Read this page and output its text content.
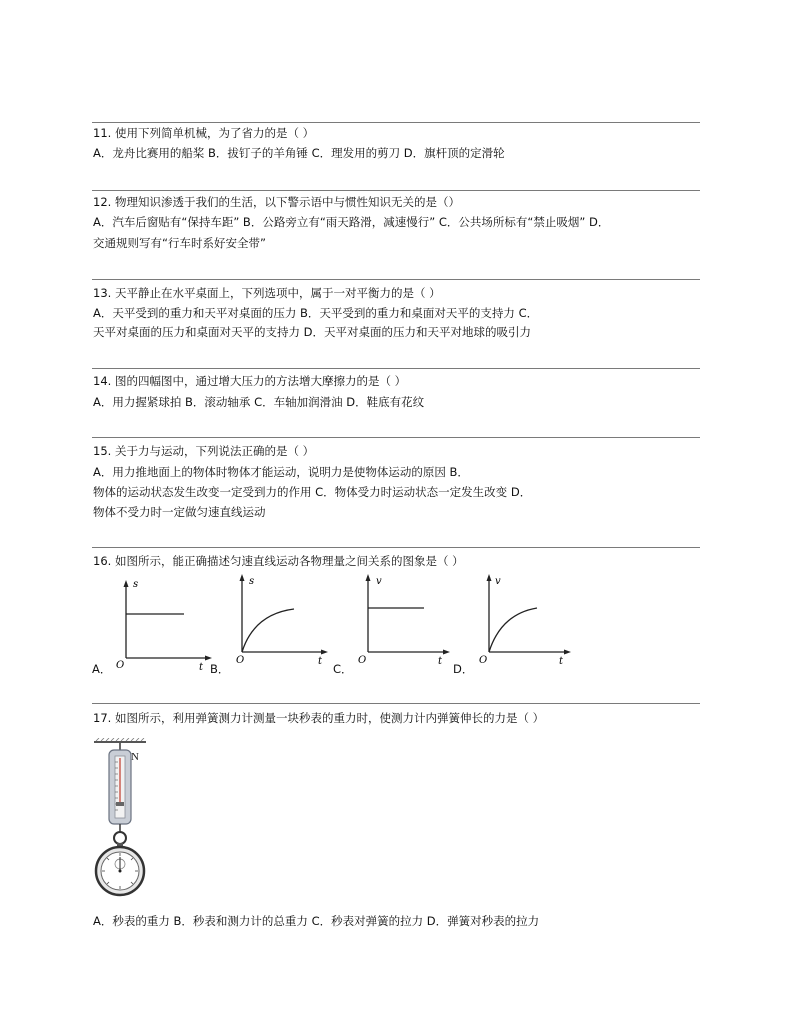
11. 使用下列简单机械，为了省力的是（ ）
A．龙舟比赛用的船桨 B．拔钉子的羊角锤 C．理发用的剪刀 D．旗杆顶的定滑轮
12. 物理知识渗透于我们的生活，以下警示语中与惯性知识无关的是（）
A．汽车后窗贴有“保持车距” B．公路旁立有“雨天路滑，减速慢行” C．公共场所标有“禁止吸烟” D．
交通规则写有“行车时系好安全带”
13. 天平静止在水平桌面上，下列选项中，属于一对平衡力的是（ ）
A．天平受到的重力和天平对桌面的压力 B．天平受到的重力和桌面对天平的支持力 C．
天平对桌面的压力和桌面对天平的支持力 D．天平对桌面的压力和天平对地球的吸引力
14. 图的四幅图中，通过增大压力的方法增大摩擦力的是（ ）
A．用力握紧球拍 B．滚动轴承 C．车轴加润滑油 D．鞋底有花纹
15. 关于力与运动，下列说法正确的是（ ）
A．用力推地面上的物体时物体才能运动，说明力是使物体运动的原因 B．
物体的运动状态发生改变一定受到力的作用 C．物体受力时运动状态一定发生改变 D．
物体不受力时一定做匀速直线运动
16. 如图所示，能正确描述匀速直线运动各物理量之间关系的图象是（ ）
s
O	t
A．
s
O	t
B．
v
O	t
C．
v
O	t
D．
17. 如图所示，利用弹簧测力计测量一块秒表的重力时，使测力计内弹簧伸长的力是（ ）
N
A．秒表的重力 B．秒表和测力计的总重力 C．秒表对弹簧的拉力 D．弹簧对秒表的拉力
